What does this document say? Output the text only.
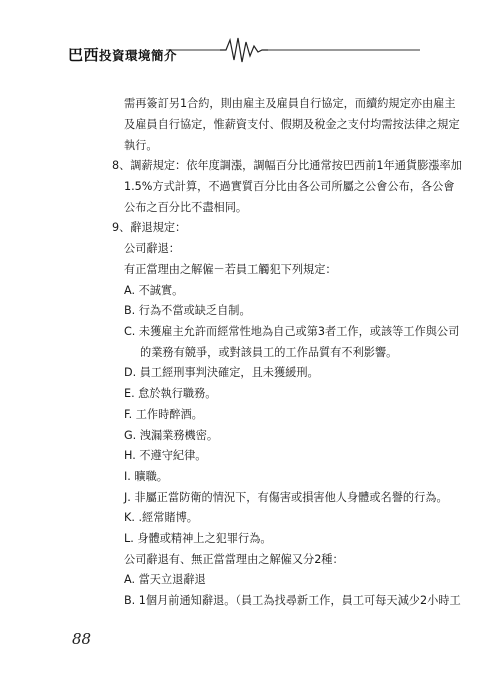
巴西投資環境簡介
需再簽訂另1合約，則由雇主及雇員自行協定，而續約規定亦由雇主
及雇員自行協定，惟薪資支付、假期及稅金之支付均需按法律之規定
執行。
8、調薪規定：依年度調漲，調幅百分比通常按巴西前1年通貨膨漲率加
1.5%方式計算，不過實質百分比由各公司所屬之公會公布，各公會
公布之百分比不盡相同。
9、辭退規定：
公司辭退：
有正當理由之解僱－若員工觸犯下列規定：
A. 不誠實。
B. 行為不當或缺乏自制。
C. 未獲雇主允許而經常性地為自己或第3者工作，或該等工作與公司
的業務有競爭，或對該員工的工作品質有不利影響。
D. 員工經刑事判決確定，且未獲緩刑。
E. 怠於執行職務。
F. 工作時醉酒。
G. 洩漏業務機密。
H. 不遵守紀律。
I. 曠職。
J. 非屬正當防衛的情況下，有傷害或損害他人身體或名譽的行為。
K. .經常賭博。
L. 身體或精神上之犯罪行為。
公司辭退有、無正當當理由之解僱又分2種：
A. 當天立退辭退
B. 1個月前通知辭退。（員工為找尋新工作，員工可每天減少2小時工
88
